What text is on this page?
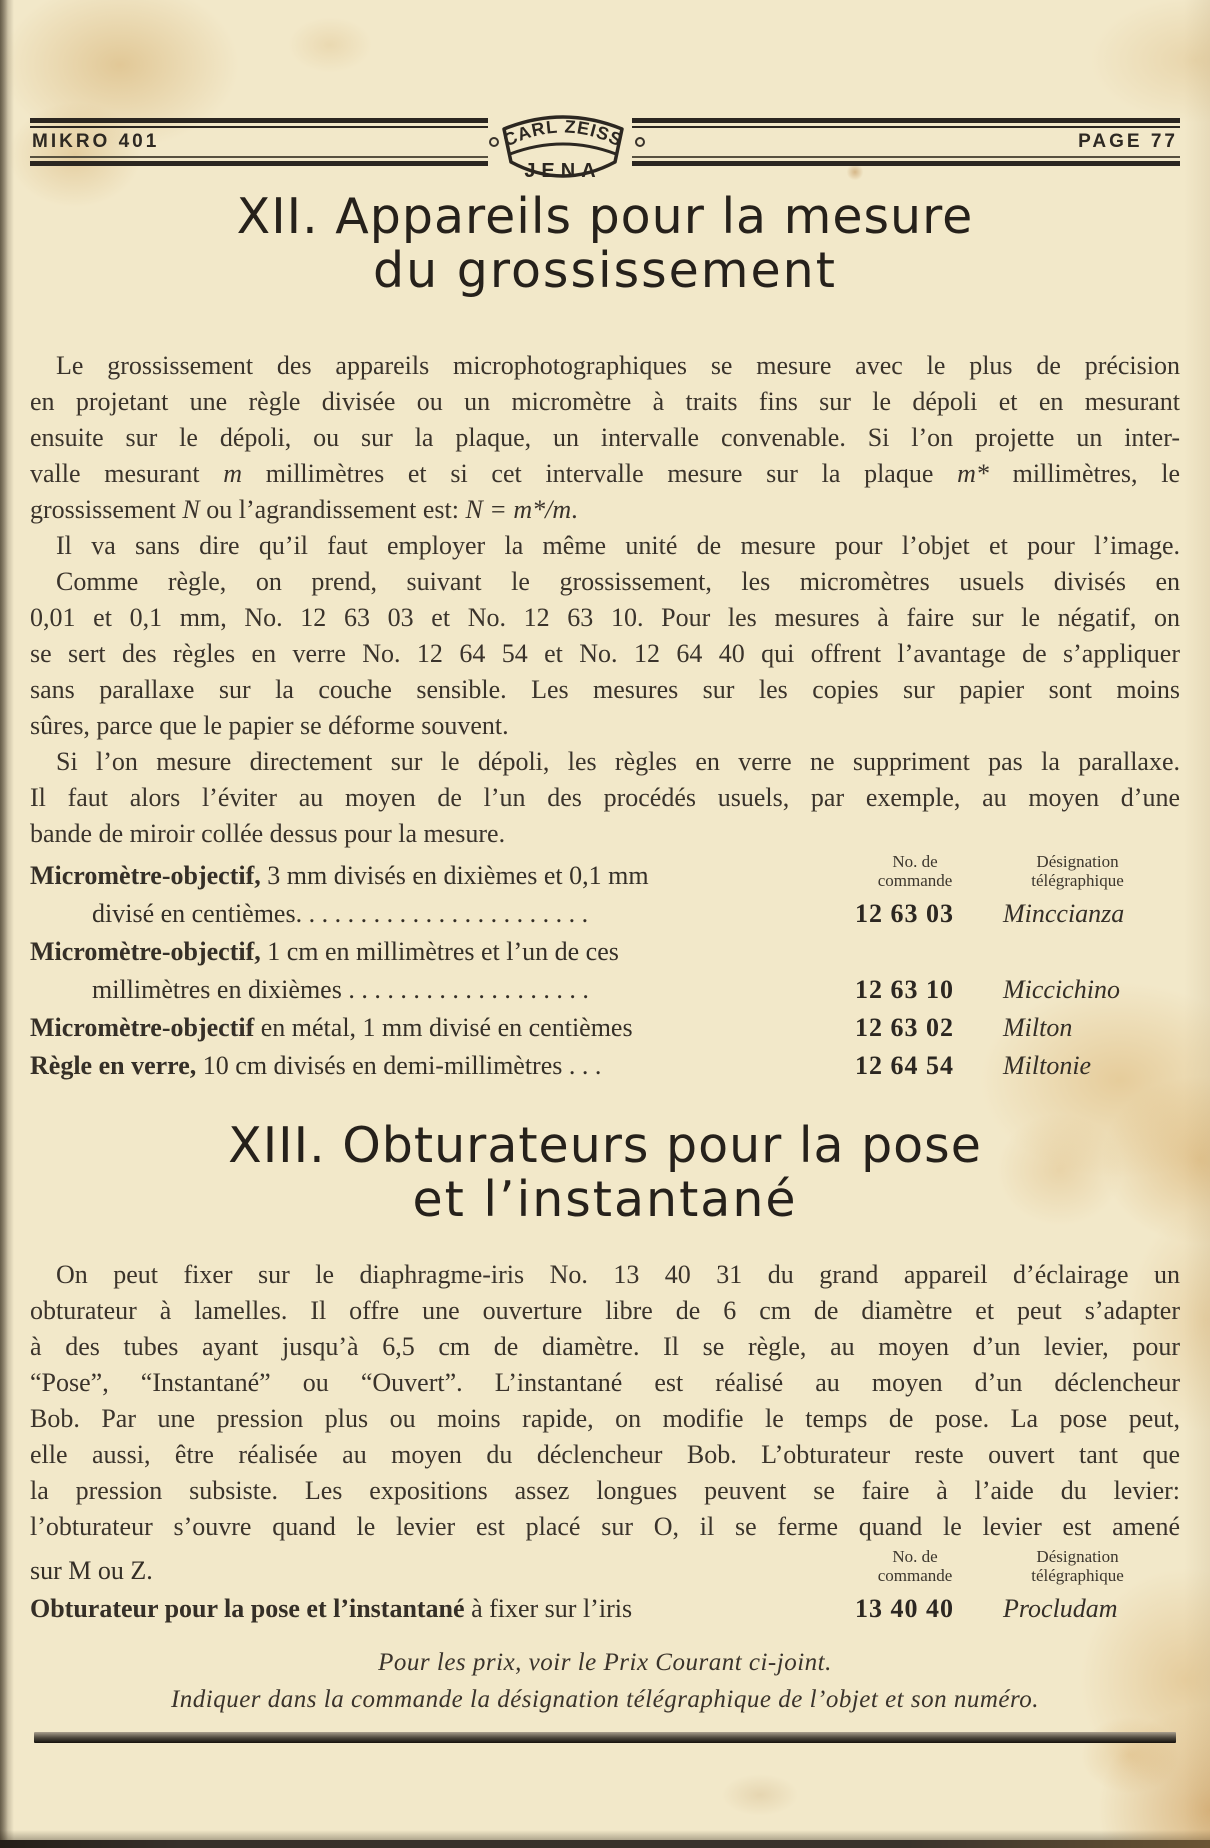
MIKRO 401	PAGE 77
CARL ZEISS
JENA
XII. Appareils pour la mesure
du grossissement
Le grossissement des appareils microphotographiques se mesure avec le plus de précision
en projetant une règle divisée ou un micromètre à traits fins sur le dépoli et en mesurant
ensuite sur le dépoli, ou sur la plaque, un intervalle convenable. Si l’on projette un inter-
valle mesurant m millimètres et si cet intervalle mesure sur la plaque m* millimètres, le
grossissement N ou l’agrandissement est: N = m*/m.
Il va sans dire qu’il faut employer la même unité de mesure pour l’objet et pour l’image.
Comme règle, on prend, suivant le grossissement, les micromètres usuels divisés en
0,01 et 0,1 mm, No. 12 63 03 et No. 12 63 10. Pour les mesures à faire sur le négatif, on
se sert des règles en verre No. 12 64 54 et No. 12 64 40 qui offrent l’avantage de s’appliquer
sans parallaxe sur la couche sensible. Les mesures sur les copies sur papier sont moins
sûres, parce que le papier se déforme souvent.
Si l’on mesure directement sur le dépoli, les règles en verre ne suppriment pas la parallaxe.
Il faut alors l’éviter au moyen de l’un des procédés usuels, par exemple, au moyen d’une
bande de miroir collée dessus pour la mesure.
Micromètre-objectif, 3 mm divisés en dixièmes et 0,1 mm	No. de
commande
Désignation
télégraphique
divisé en centièmes. . . . . . . . . . . . . . . . . . . . . . .	12 63 03	Minccianza
Micromètre-objectif, 1 cm en millimètres et l’un de ces
millimètres en dixièmes . . . . . . . . . . . . . . . . . . .	12 63 10	Miccichino
Micromètre-objectif en métal, 1 mm divisé en centièmes	12 63 02	Milton
Règle en verre, 10 cm divisés en demi-millimètres . . .	12 64 54	Miltonie
XIII. Obturateurs pour la pose
et l’instantané
On peut fixer sur le diaphragme-iris No. 13 40 31 du grand appareil d’éclairage un
obturateur à lamelles. Il offre une ouverture libre de 6 cm de diamètre et peut s’adapter
à des tubes ayant jusqu’à 6,5 cm de diamètre. Il se règle, au moyen d’un levier, pour
“Pose”, “Instantané” ou “Ouvert”. L’instantané est réalisé au moyen d’un déclencheur
Bob. Par une pression plus ou moins rapide, on modifie le temps de pose. La pose peut,
elle aussi, être réalisée au moyen du déclencheur Bob. L’obturateur reste ouvert tant que
la pression subsiste. Les expositions assez longues peuvent se faire à l’aide du levier:
l’obturateur s’ouvre quand le levier est placé sur O, il se ferme quand le levier est amené
sur M ou Z.	No. de
commande
Désignation
télégraphique
Obturateur pour la pose et l’instantané à fixer sur l’iris	13 40 40	Procludam
Pour les prix, voir le Prix Courant ci-joint.
Indiquer dans la commande la désignation télégraphique de l’objet et son numéro.
